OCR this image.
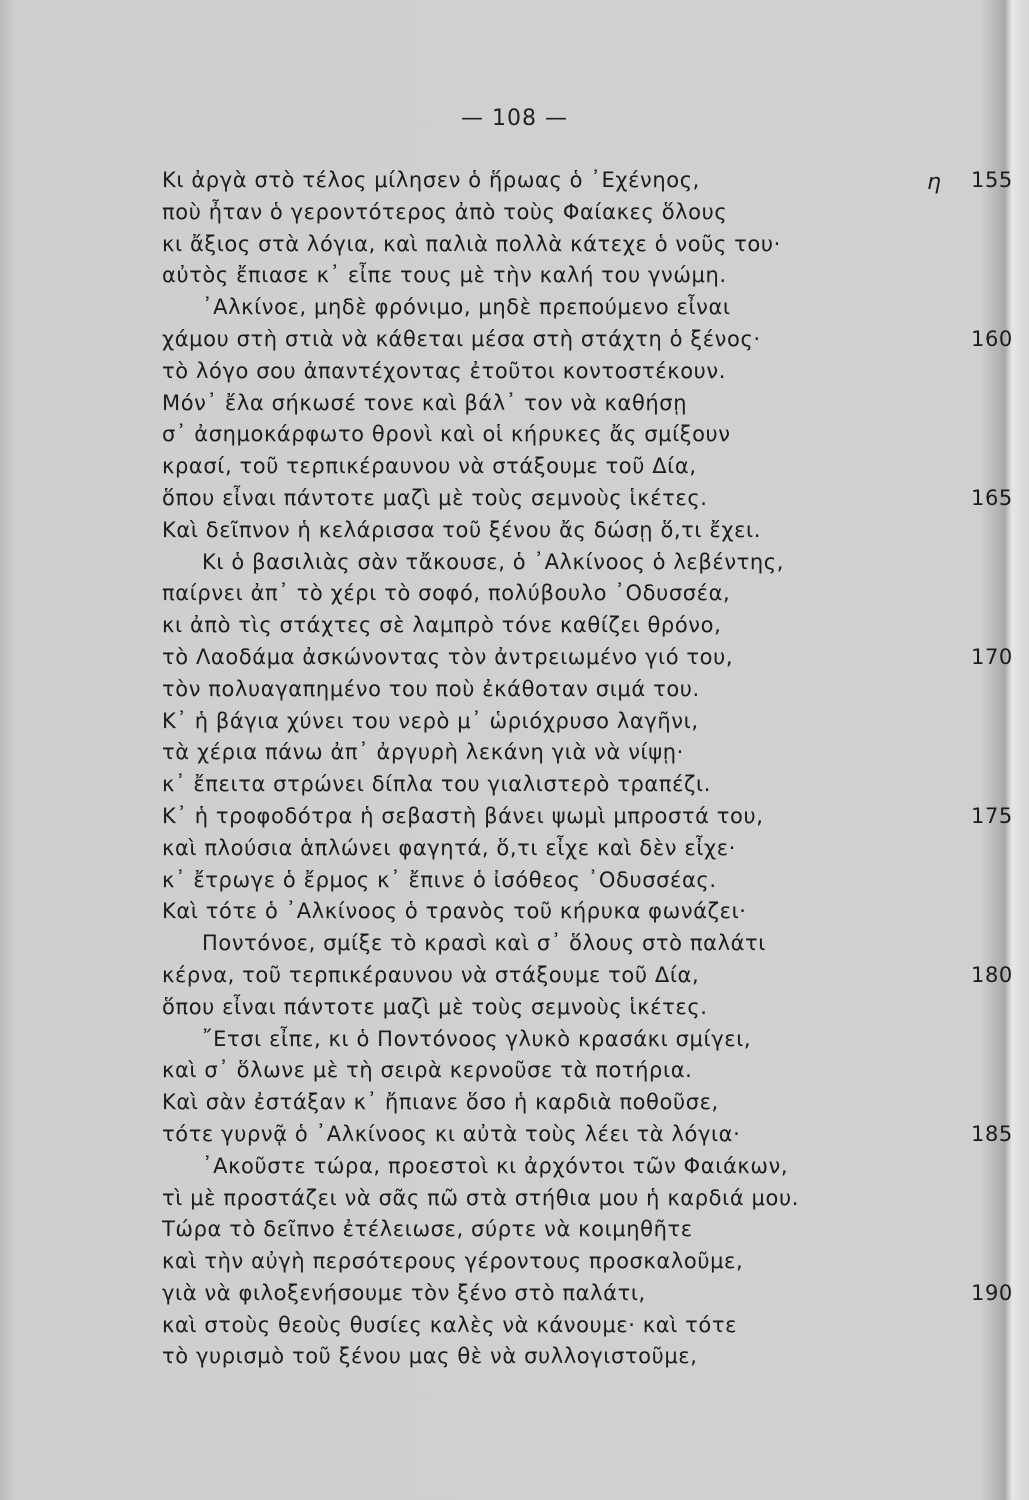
— 108 —
Κι ἀργὰ στὸ τέλος μίλησεν ὁ ἥρωας ὁ ᾿Εχένηος,	η 155
ποὺ ἦταν ὁ γεροντότερος ἀπὸ τοὺς Φαίακες ὅλους
κι ἄξιος στὰ λόγια, καὶ παλιὰ πολλὰ κάτεχε ὁ νοῦς του·
αὐτὸς ἔπιασε κ᾿ εἶπε τους μὲ τὴν καλή του γνώμη.
᾿Αλκίνοε, μηδὲ φρόνιμο, μηδὲ πρεπούμενο εἶναι
χάμου στὴ στιὰ νὰ κάθεται μέσα στὴ στάχτη ὁ ξένος·	160
τὸ λόγο σου ἀπαντέχοντας ἐτοῦτοι κοντοστέκουν.
Μόν᾿ ἔλα σήκωσέ τονε καὶ βάλ᾿ τον νὰ καθήσῃ
σ᾿ ἀσημοκάρφωτο θρονὶ καὶ οἱ κήρυκες ἄς σμίξουν
κρασί, τοῦ τερπικέραυνου νὰ στάξουμε τοῦ Δία,
ὅπου εἶναι πάντοτε μαζὶ μὲ τοὺς σεμνοὺς ἱκέτες.	165
Καὶ δεῖπνον ἡ κελάρισσα τοῦ ξένου ἄς δώσῃ ὅ,τι ἔχει.
Κι ὁ βασιλιὰς σὰν τἄκουσε, ὁ ᾿Αλκίνοος ὁ λεβέντης,
παίρνει ἀπ᾿ τὸ χέρι τὸ σοφό, πολύβουλο ᾿Οδυσσέα,
κι ἀπὸ τὶς στάχτες σὲ λαμπρὸ τόνε καθίζει θρόνο,
τὸ Λαοδάμα ἀσκώνοντας τὸν ἀντρειωμένο γιό του,	170
τὸν πολυαγαπημένο του ποὺ ἐκάθοταν σιμά του.
Κ᾿ ἡ βάγια χύνει του νερὸ μ᾿ ὡριόχρυσο λαγῆνι,
τὰ χέρια πάνω ἀπ᾿ ἀργυρὴ λεκάνη γιὰ νὰ νίψῃ·
κ᾿ ἔπειτα στρώνει δίπλα του γιαλιστερὸ τραπέζι.
Κ᾿ ἡ τροφοδότρα ἡ σεβαστὴ βάνει ψωμὶ μπροστά του,	175
καὶ πλούσια ἁπλώνει φαγητά, ὅ,τι εἶχε καὶ δὲν εἶχε·
κ᾿ ἔτρωγε ὁ ἔρμος κ᾿ ἔπινε ὁ ἰσόθεος ᾿Οδυσσέας.
Καὶ τότε ὁ ᾿Αλκίνοος ὁ τρανὸς τοῦ κήρυκα φωνάζει·
Ποντόνοε, σμίξε τὸ κρασὶ καὶ σ᾿ ὅλους στὸ παλάτι
κέρνα, τοῦ τερπικέραυνου νὰ στάξουμε τοῦ Δία,	180
ὅπου εἶναι πάντοτε μαζὶ μὲ τοὺς σεμνοὺς ἱκέτες.
῎Ετσι εἶπε, κι ὁ Ποντόνοος γλυκὸ κρασάκι σμίγει,
καὶ σ᾿ ὅλωνε μὲ τὴ σειρὰ κερνοῦσε τὰ ποτήρια.
Καὶ σὰν ἐστάξαν κ᾿ ἤπιανε ὅσο ἡ καρδιὰ ποθοῦσε,
τότε γυρνᾷ ὁ ᾿Αλκίνοος κι αὐτὰ τοὺς λέει τὰ λόγια·	185
᾿Ακοῦστε τώρα, προεστοὶ κι ἀρχόντοι τῶν Φαιάκων,
τὶ μὲ προστάζει νὰ σᾶς πῶ στὰ στήθια μου ἡ καρδιά μου.
Τώρα τὸ δεῖπνο ἐτέλειωσε, σύρτε νὰ κοιμηθῆτε
καὶ τὴν αὐγὴ περσότερους γέροντους προσκαλοῦμε,
γιὰ νὰ φιλοξενήσουμε τὸν ξένο στὸ παλάτι,	190
καὶ στοὺς θεοὺς θυσίες καλὲς νὰ κάνουμε· καὶ τότε
τὸ γυρισμὸ τοῦ ξένου μας θὲ νὰ συλλογιστοῦμε,
